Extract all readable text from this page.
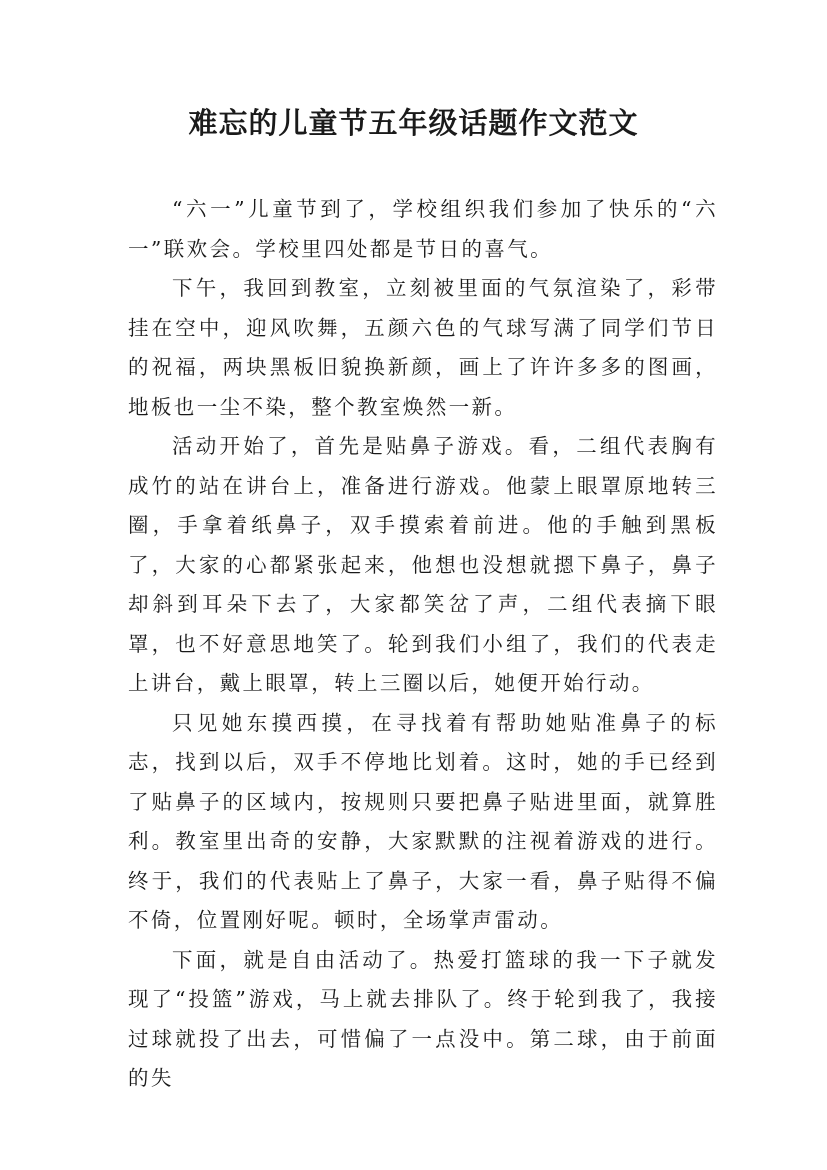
难忘的儿童节五年级话题作文范文

“六一”儿童节到了，学校组织我们参加了快乐的“六一”联欢会。学校里四处都是节日的喜气。

下午，我回到教室，立刻被里面的气氛渲染了，彩带挂在空中，迎风吹舞，五颜六色的气球写满了同学们节日的祝福，两块黑板旧貌换新颜，画上了许许多多的图画，地板也一尘不染，整个教室焕然一新。

活动开始了，首先是贴鼻子游戏。看，二组代表胸有成竹的站在讲台上，准备进行游戏。他蒙上眼罩原地转三圈，手拿着纸鼻子，双手摸索着前进。他的手触到黑板了，大家的心都紧张起来，他想也没想就摁下鼻子，鼻子却斜到耳朵下去了，大家都笑岔了声，二组代表摘下眼罩，也不好意思地笑了。轮到我们小组了，我们的代表走上讲台，戴上眼罩，转上三圈以后，她便开始行动。

只见她东摸西摸，在寻找着有帮助她贴准鼻子的标志，找到以后，双手不停地比划着。这时，她的手已经到了贴鼻子的区域内，按规则只要把鼻子贴进里面，就算胜利。教室里出奇的安静，大家默默的注视着游戏的进行。终于，我们的代表贴上了鼻子，大家一看，鼻子贴得不偏不倚，位置刚好呢。顿时，全场掌声雷动。

下面，就是自由活动了。热爱打篮球的我一下子就发现了“投篮”游戏，马上就去排队了。终于轮到我了，我接过球就投了出去，可惜偏了一点没中。第二球，由于前面的失
